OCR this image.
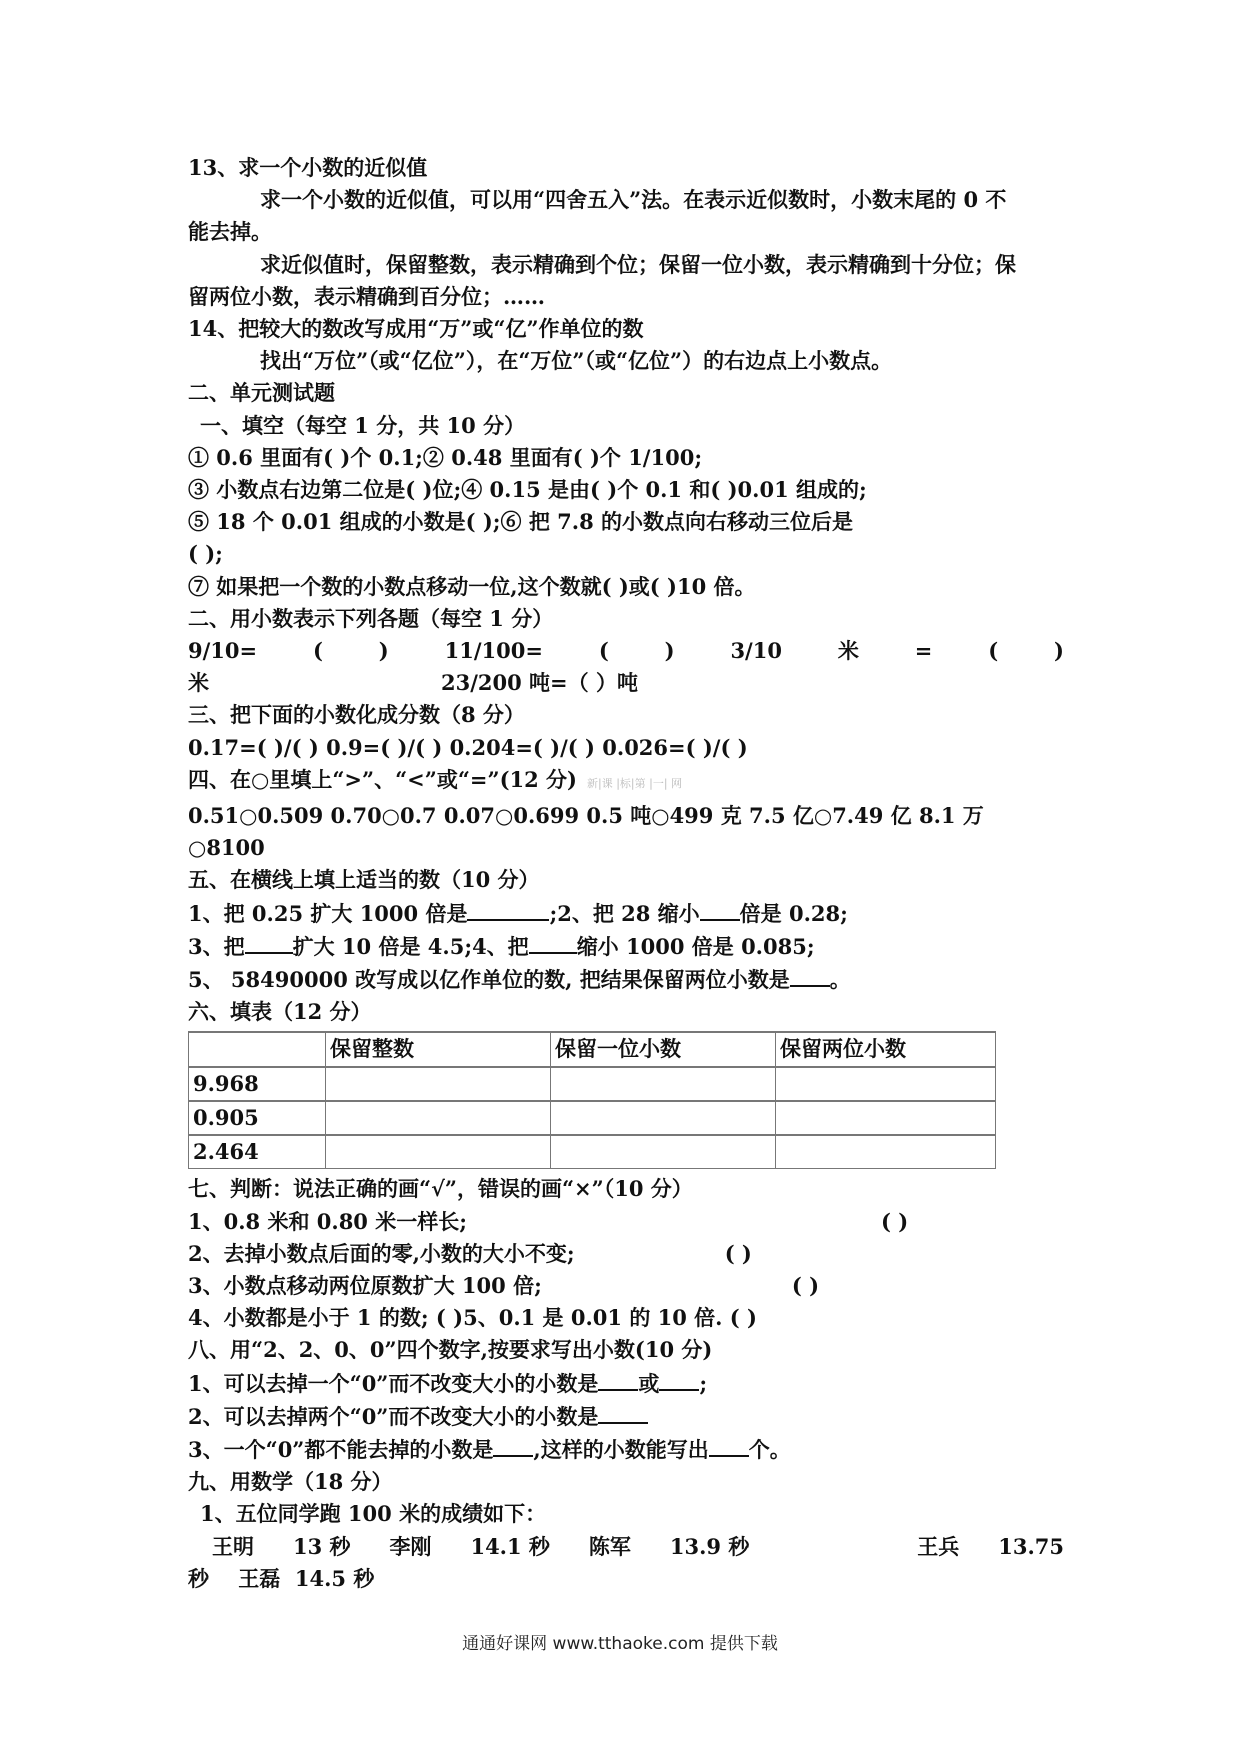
13、求一个小数的近似值

求一个小数的近似值，可以用“四舍五入”法。在表示近似数时，小数末尾的 0 不

能去掉。

求近似值时，保留整数，表示精确到个位；保留一位小数，表示精确到十分位；保

留两位小数，表示精确到百分位；……

14、把较大的数改写成用“万”或“亿”作单位的数

找出“万位”（或“亿位”），在“万位”（或“亿位”）的右边点上小数点。

二、单元测试题

一、填空（每空 1 分，共 10 分）

① 0.6 里面有( )个 0.1;② 0.48 里面有( )个 1/100;

③ 小数点右边第二位是( )位;④ 0.15 是由( )个 0.1 和( )0.01 组成的;

⑤ 18 个 0.01 组成的小数是( );⑥ 把 7.8 的小数点向右移动三位后是

( );

⑦ 如果把一个数的小数点移动一位,这个数就( )或( )10 倍。

二、用小数表示下列各题（每空 1 分）

9/10=	(	)	11/100=	(	)	3/10	米	=	(	)

米	23/200 吨=（ ）吨

三、把下面的小数化成分数（8 分）

0.17=( )/( ) 0.9=( )/( ) 0.204=( )/( ) 0.026=( )/( )

四、在○里填上“>”、“<”或“=”(12 分) 新|课 |标|第 |一| 网

0.51○0.509 0.70○0.7 0.07○0.699 0.5 吨○499 克 7.5 亿○7.49 亿 8.1 万

○8100

五、在横线上填上适当的数（10 分）

1、把 0.25 扩大 1000 倍是	;2、把 28 缩小 倍是 0.28;

3、把 扩大 10 倍是 4.5;4、把 缩小 1000 倍是 0.085;

5、 58490000 改写成以亿作单位的数, 把结果保留两位小数是 。

六、填表（12 分）

	保留整数	保留一位小数	保留两位小数
9.968			
0.905			
2.464			

七、判断：说法正确的画“√”，错误的画“×”（10 分）

1、0.8 米和 0.80 米一样长;	( )

2、去掉小数点后面的零,小数的大小不变;	( )

3、小数点移动两位原数扩大 100 倍;	( )

4、小数都是小于 1 的数; ( )5、0.1 是 0.01 的 10 倍. ( )

八、用“2、2、0、0”四个数字,按要求写出小数(10 分)

1、可以去掉一个“0”而不改变大小的小数是 或 ;

2、可以去掉两个“0”而不改变大小的小数是

3、一个“0”都不能去掉的小数是 ,这样的小数能写出 个。

九、用数学（18 分）

1、五位同学跑 100 米的成绩如下：

王明 13 秒 李刚 14.1 秒 陈军 13.9 秒	王兵 13.75

秒    王磊  14.5 秒

通通好课网 www.tthaoke.com 提供下载
